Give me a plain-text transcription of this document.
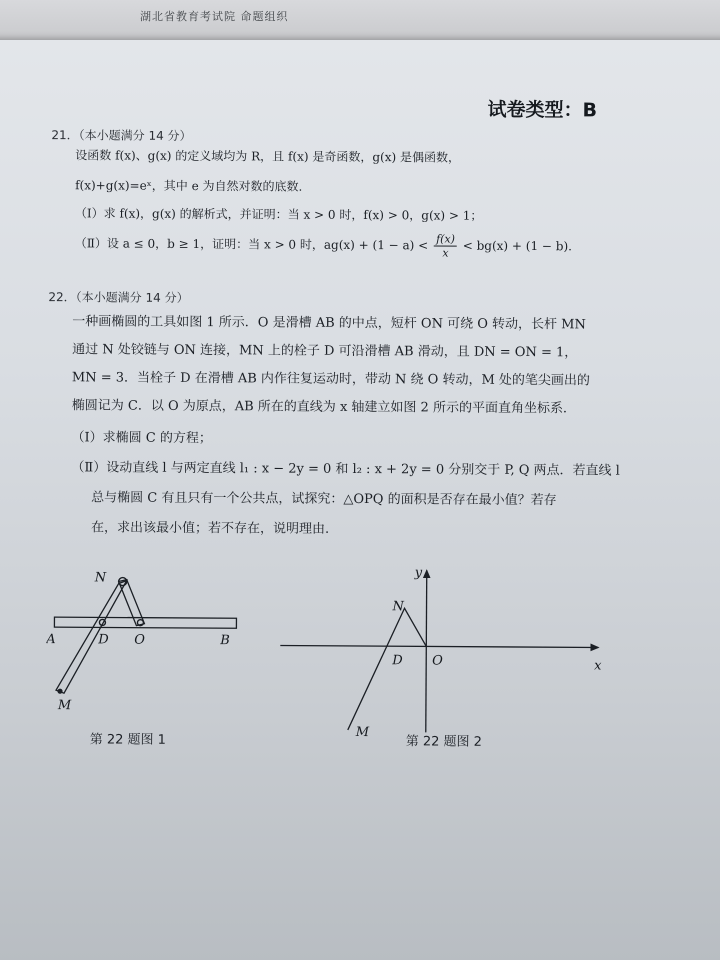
湖北省教育考试院 命题组织
试卷类型：B
21．（本小题满分 14 分）
设函数 f(x)、g(x) 的定义域均为 R，且 f(x) 是奇函数，g(x) 是偶函数，
f(x)+g(x)=eˣ，其中 e 为自然对数的底数.
（Ⅰ）求 f(x)，g(x) 的解析式，并证明：当 x > 0 时，f(x) > 0，g(x) > 1；
（Ⅱ）设 a ≤ 0，b ≥ 1，证明：当 x > 0 时，$ag(x) + (1 - a) < \frac{f(x)}{x} < bg(x) + (1 - b)$.
22．（本小题满分 14 分）
一种画椭圆的工具如图 1 所示．O 是滑槽 AB 的中点，短杆 ON 可绕 O 转动，长杆 MN
通过 N 处铰链与 ON 连接，MN 上的栓子 D 可沿滑槽 AB 滑动，且 DN = ON = 1，
MN = 3．当栓子 D 在滑槽 AB 内作往复运动时，带动 N 绕 O 转动，M 处的笔尖画出的
椭圆记为 C．以 O 为原点，AB 所在的直线为 x 轴建立如图 2 所示的平面直角坐标系.
（Ⅰ）求椭圆 C 的方程；
（Ⅱ）设动直线 l 与两定直线 l₁ : x − 2y = 0 和 l₂ : x + 2y = 0 分别交于 P, Q 两点．若直线 l
总与椭圆 C 有且只有一个公共点，试探究：△OPQ 的面积是否存在最小值？若存
在，求出该最小值；若不存在，说明理由.
N
A	D O	B
M
第 22 题图 1
y
x
N
D O
M
第 22 题图 2
